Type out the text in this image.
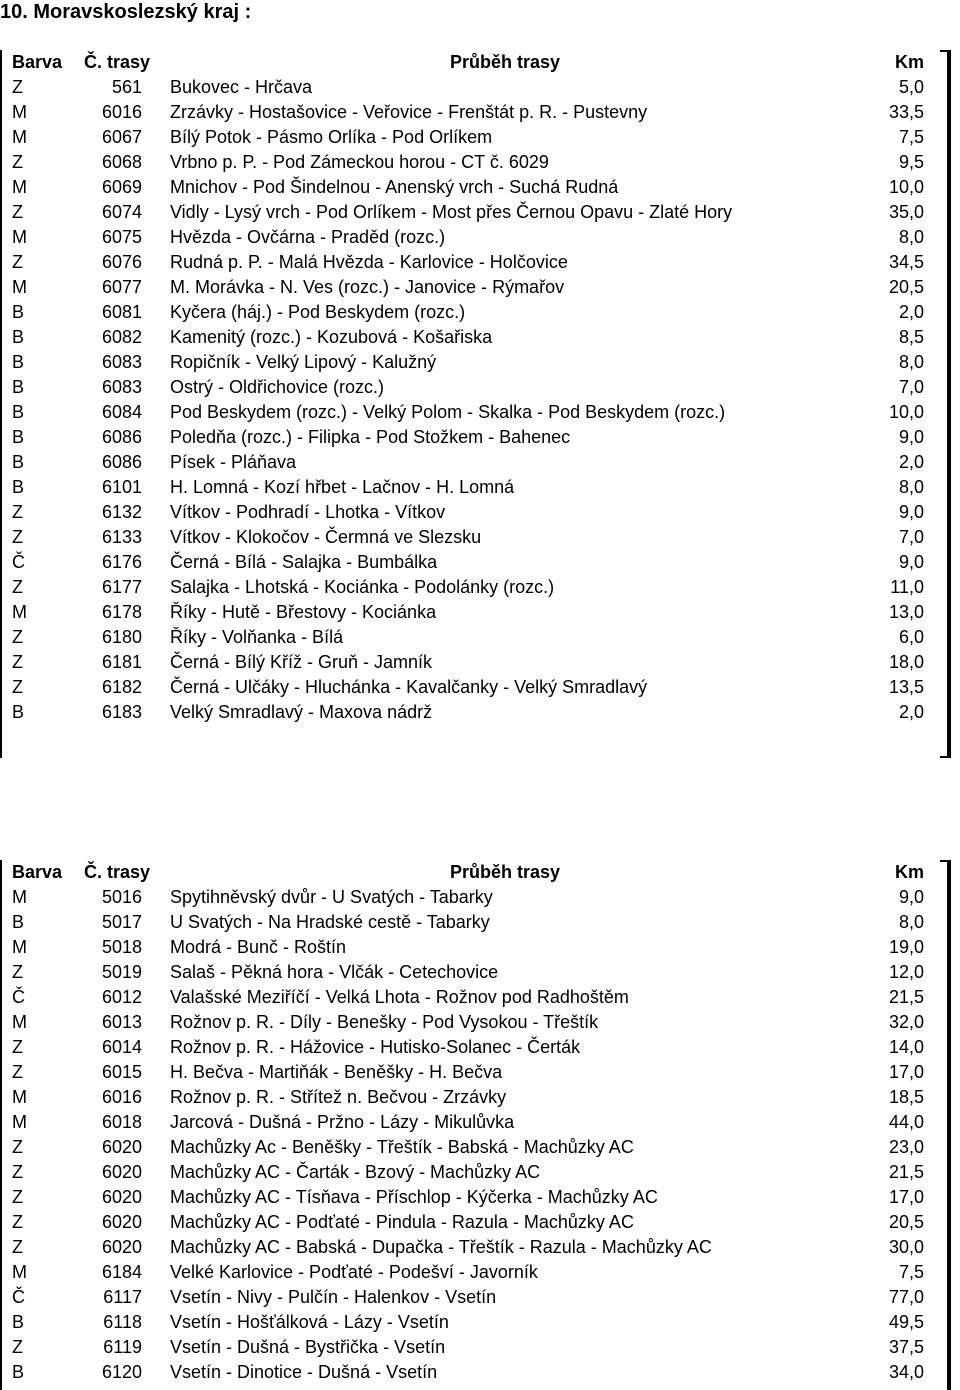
10. Moravskoslezský kraj :
Barva Č. trasy	Průběh trasy	Km
Z	561 Bukovec - Hrčava	5,0
M	6016 Zrzávky - Hostašovice - Veřovice - Frenštát p. R. - Pustevny	33,5
M	6067 Bílý Potok - Pásmo Orlíka - Pod Orlíkem	7,5
Z	6068 Vrbno p. P. - Pod Zámeckou horou - CT č. 6029	9,5
M	6069 Mnichov - Pod Šindelnou - Anenský vrch - Suchá Rudná	10,0
Z	6074 Vidly - Lysý vrch - Pod Orlíkem - Most přes Černou Opavu - Zlaté Hory	35,0
M	6075 Hvězda - Ovčárna - Praděd (rozc.)	8,0
Z	6076 Rudná p. P. - Malá Hvězda - Karlovice - Holčovice	34,5
M	6077 M. Morávka - N. Ves (rozc.) - Janovice - Rýmařov	20,5
B	6081 Kyčera (háj.) - Pod Beskydem (rozc.)	2,0
B	6082 Kamenitý (rozc.) - Kozubová - Košařiska	8,5
B	6083 Ropičník - Velký Lipový - Kalužný	8,0
B	6083 Ostrý - Oldřichovice (rozc.)	7,0
B	6084 Pod Beskydem (rozc.) - Velký Polom - Skalka - Pod Beskydem (rozc.)	10,0
B	6086 Poledňa (rozc.) - Filipka - Pod Stožkem - Bahenec	9,0
B	6086 Písek - Pláňava	2,0
B	6101 H. Lomná - Kozí hřbet - Lačnov - H. Lomná	8,0
Z	6132 Vítkov - Podhradí - Lhotka - Vítkov	9,0
Z	6133 Vítkov - Klokočov - Čermná ve Slezsku	7,0
Č	6176 Černá - Bílá - Salajka - Bumbálka	9,0
Z	6177 Salajka - Lhotská - Kociánka - Podolánky (rozc.)	11,0
M	6178 Říky - Hutě - Břestovy - Kociánka	13,0
Z	6180 Říky - Volňanka - Bílá	6,0
Z	6181 Černá - Bílý Kříž - Gruň - Jamník	18,0
Z	6182 Černá - Ulčáky - Hluchánka - Kavalčanky - Velký Smradlavý	13,5
B	6183 Velký Smradlavý - Maxova nádrž	2,0
Barva Č. trasy	Průběh trasy	Km
M	5016 Spytihněvský dvůr - U Svatých - Tabarky	9,0
B	5017 U Svatých - Na Hradské cestě - Tabarky	8,0
M	5018 Modrá - Bunč - Roštín	19,0
Z	5019 Salaš - Pěkná hora - Vlčák - Cetechovice	12,0
Č	6012 Valašské Meziříčí - Velká Lhota - Rožnov pod Radhoštěm	21,5
M	6013 Rožnov p. R. - Díly - Benešky - Pod Vysokou - Třeštík	32,0
Z	6014 Rožnov p. R. - Hážovice - Hutisko-Solanec - Čerták	14,0
Z	6015 H. Bečva - Martiňák - Beněšky - H. Bečva	17,0
M	6016 Rožnov p. R. - Střítež n. Bečvou - Zrzávky	18,5
M	6018 Jarcová - Dušná - Pržno - Lázy - Mikulůvka	44,0
Z	6020 Machůzky Ac - Beněšky - Třeštík - Babská - Machůzky AC	23,0
Z	6020 Machůzky AC - Čarták - Bzový - Machůzky AC	21,5
Z	6020 Machůzky AC - Tísňava - Příschlop - Kýčerka - Machůzky AC	17,0
Z	6020 Machůzky AC - Podťaté - Pindula - Razula - Machůzky AC	20,5
Z	6020 Machůzky AC - Babská - Dupačka - Třeštík - Razula - Machůzky AC	30,0
M	6184 Velké Karlovice - Podťaté - Podešví - Javorník	7,5
Č	6117 Vsetín - Nivy - Pulčín - Halenkov - Vsetín	77,0
B	6118 Vsetín - Hošťálková - Lázy - Vsetín	49,5
Z	6119 Vsetín - Dušná - Bystřička - Vsetín	37,5
B	6120 Vsetín - Dinotice - Dušná - Vsetín	34,0
